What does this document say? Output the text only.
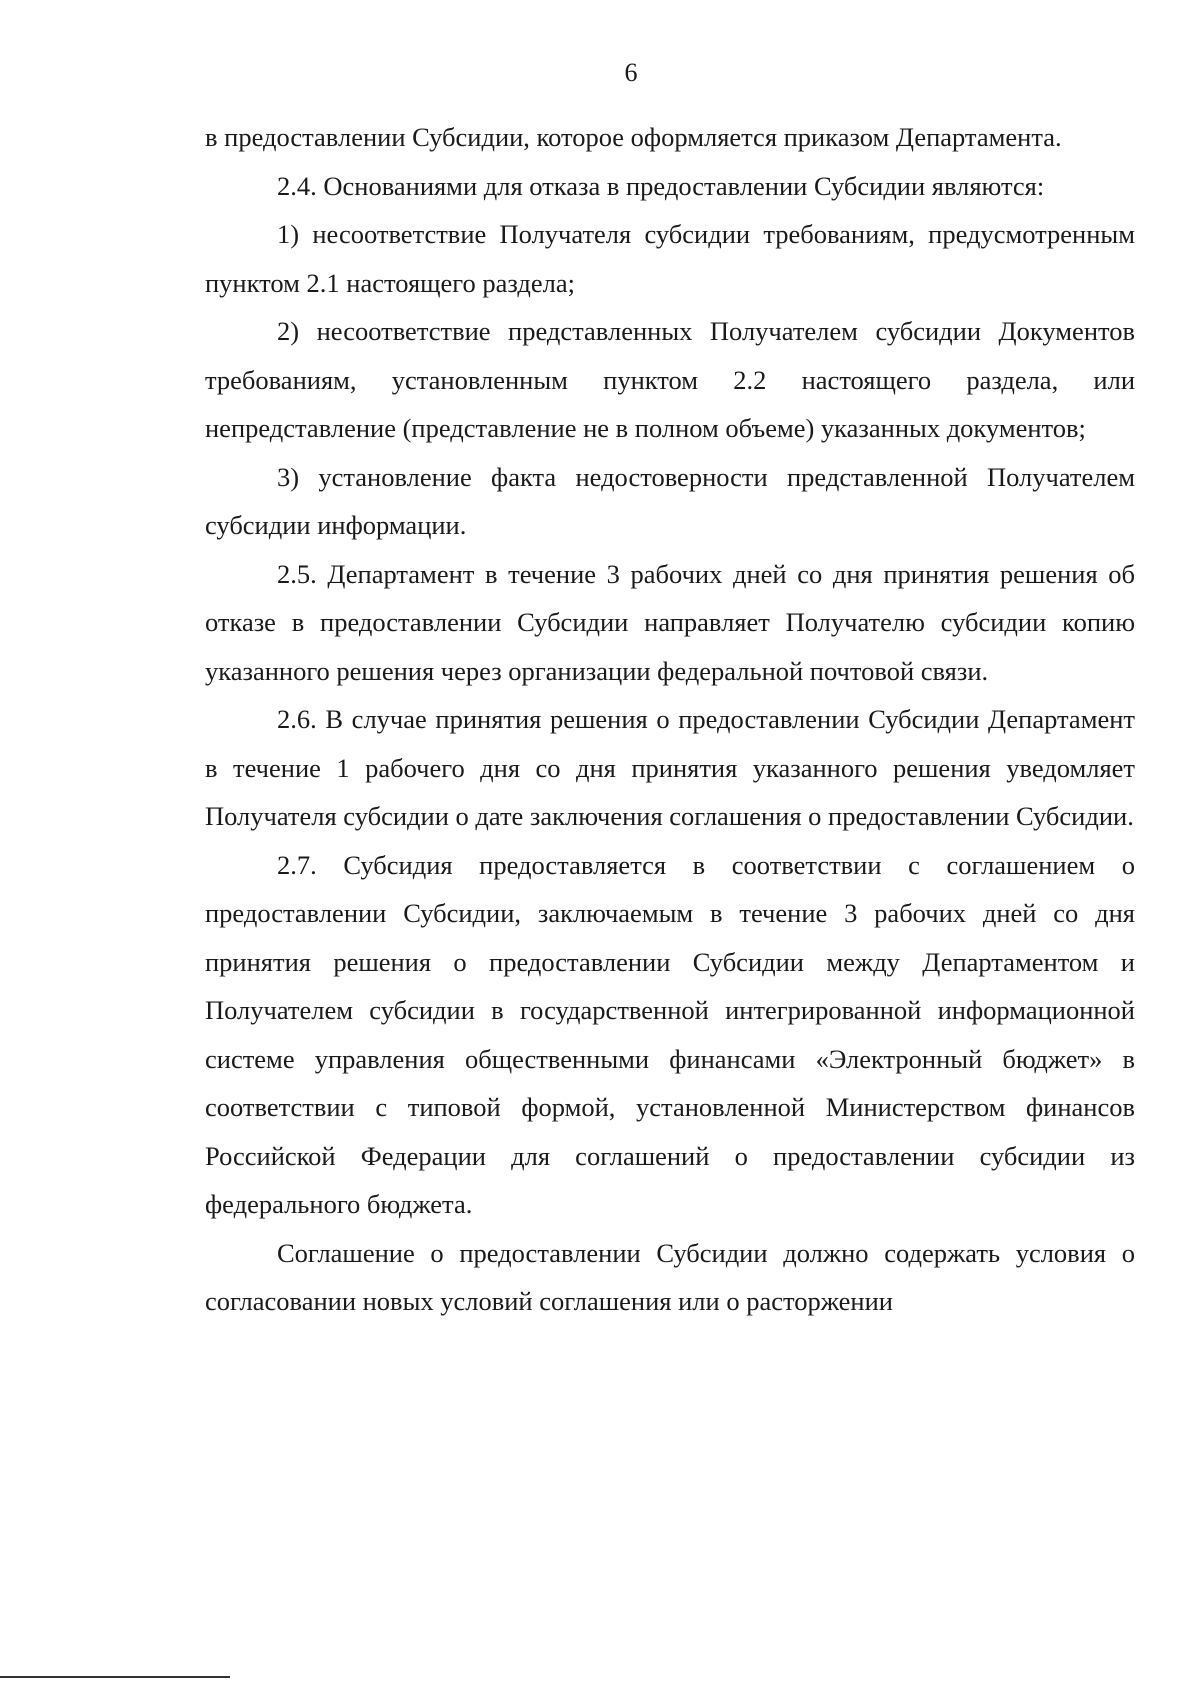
6

в предоставлении Субсидии, которое оформляется приказом Департамента.

2.4. Основаниями для отказа в предоставлении Субсидии являются:

1) несоответствие Получателя субсидии требованиям, предусмотренным пунктом 2.1 настоящего раздела;

2) несоответствие представленных Получателем субсидии Документов требованиям, установленным пунктом 2.2 настоящего раздела, или непредставление (представление не в полном объеме) указанных документов;

3) установление факта недостоверности представленной Получателем субсидии информации.

2.5. Департамент в течение 3 рабочих дней со дня принятия решения об отказе в предоставлении Субсидии направляет Получателю субсидии копию указанного решения через организации федеральной почтовой связи.

2.6. В случае принятия решения о предоставлении Субсидии Департамент в течение 1 рабочего дня со дня принятия указанного решения уведомляет Получателя субсидии о дате заключения соглашения о предоставлении Субсидии.

2.7. Субсидия предоставляется в соответствии с соглашением о предоставлении Субсидии, заключаемым в течение 3 рабочих дней со дня принятия решения о предоставлении Субсидии между Департаментом и Получателем субсидии в государственной интегрированной информационной системе управления общественными финансами «Электронный бюджет» в соответствии с типовой формой, установленной Министерством финансов Российской Федерации для соглашений о предоставлении субсидии из федерального бюджета.

Соглашение о предоставлении Субсидии должно содержать условия о согласовании новых условий соглашения или о расторжении
